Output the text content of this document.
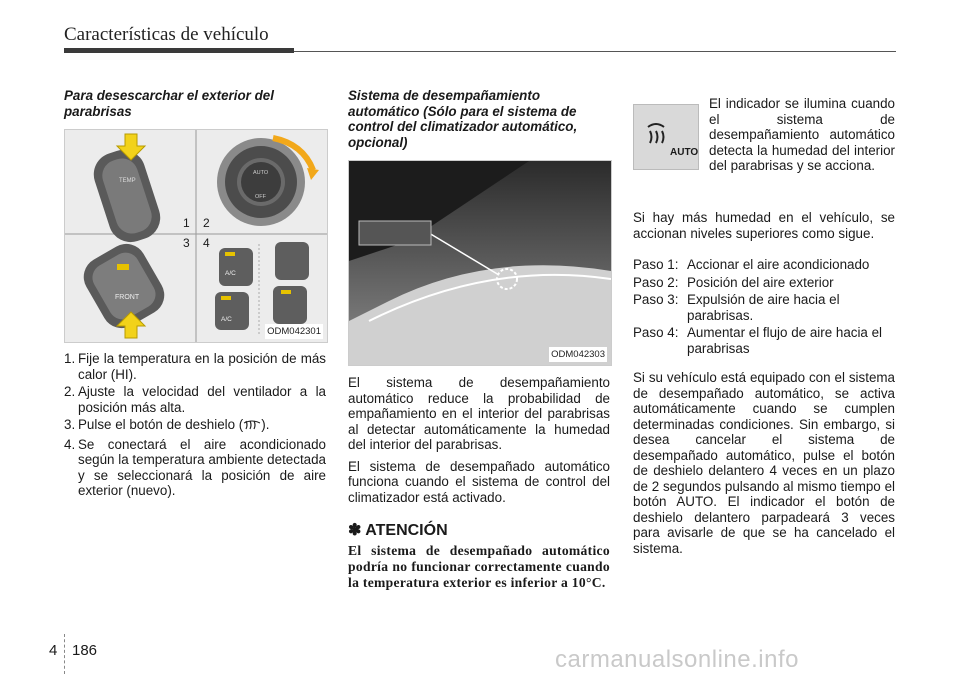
Características de vehículo
Para desescarchar el exterior del parabrisas
TEMP
AUTO
OFF
FRONT
A/C
A/C
1 2
3 4
ODM042301
1. Fije la temperatura en la posición de más calor (HI).
2. Ajuste la velocidad del ventilador a la posición más alta.
3. Pulse el botón de deshielo ( ).
4. Se conectará el aire acondicionado según la temperatura ambiente detectada y se seleccionará la posición de aire exterior (nuevo).
Sistema de desempañamiento automático (Sólo para el sistema de control del climatizador automático, opcional)
ODM042303

El sistema de desempañamiento automático reduce la probabilidad de empañamiento en el interior del parabrisas al detectar automáticamente la humedad del interior del parabrisas.

El sistema de desempañado automático funciona cuando el sistema de control del climatizador está activado.

✽ ATENCIÓN
El sistema de desempañado automático podría no funcionar correctamente cuando la temperatura exterior es inferior a 10°C.
AUTO
El indicador se ilumina cuando el sistema de desempañamiento automático detecta la humedad del interior del parabrisas y se acciona.

Si hay más humedad en el vehículo, se accionan niveles superiores como sigue.

Paso 1: Accionar el aire acondicionado
Paso 2: Posición del aire exterior
Paso 3: Expulsión de aire hacia el parabrisas.
Paso 4: Aumentar el flujo de aire hacia el parabrisas

Si su vehículo está equipado con el sistema de desempañado automático, se activa automáticamente cuando se cumplen determinadas condiciones. Sin embargo, si desea cancelar el sistema de desempañado automático, pulse el botón de deshielo delantero 4 veces en un plazo de 2 segundos pulsando al mismo tiempo el botón AUTO. El indicador el botón de deshielo delantero parpadeará 3 veces para avisarle de que se ha cancelado el sistema.

4 186	carmanualsonline.info
